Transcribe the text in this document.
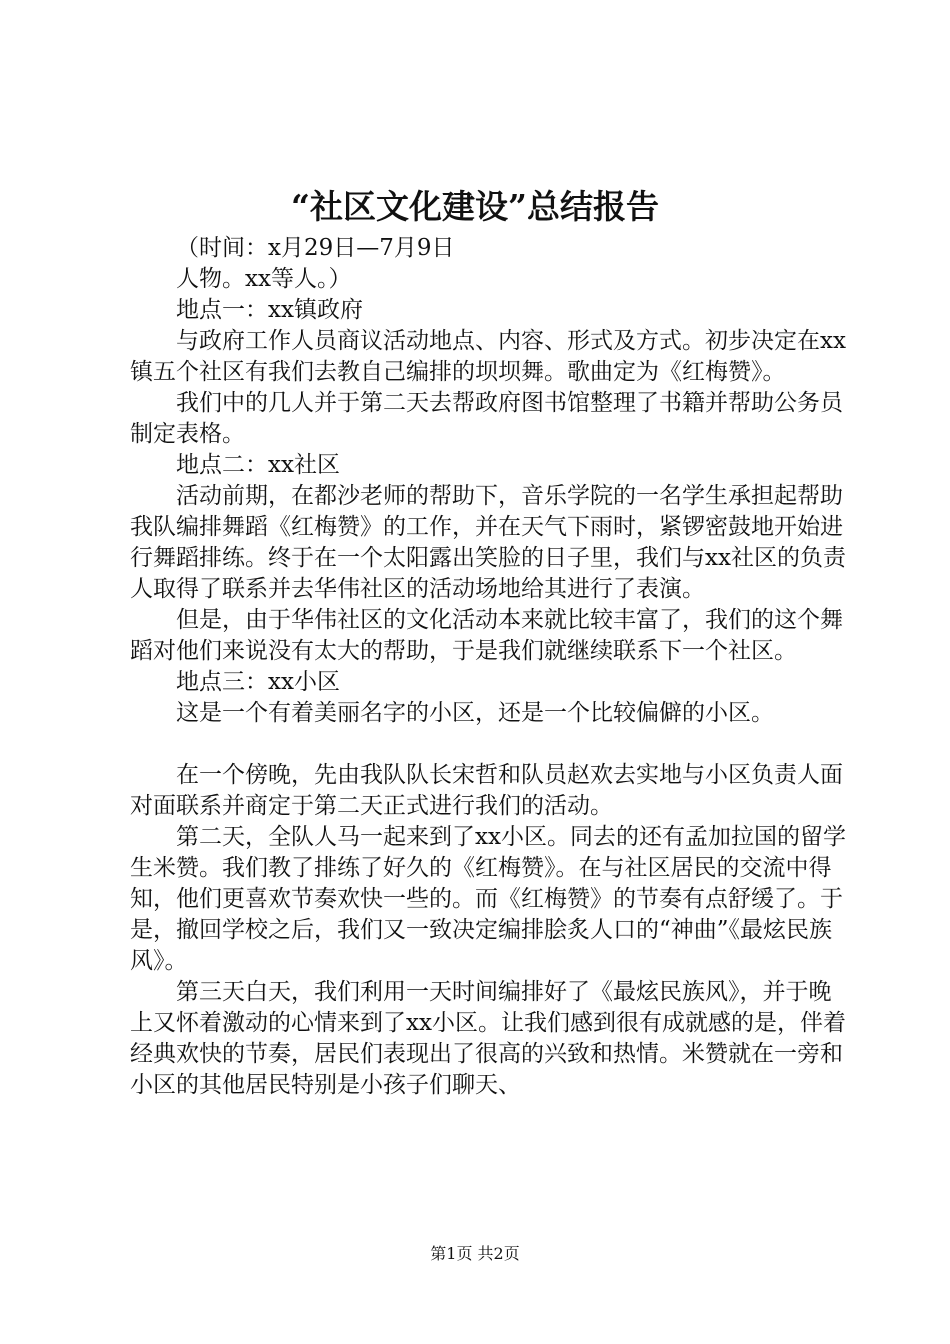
“社区文化建设”总结报告

（时间：x月29日—7月9日

人物。xx等人。）

地点一：xx镇政府

与政府工作人员商议活动地点、内容、形式及方式。初步决定在xx镇五个社区有我们去教自己编排的坝坝舞。歌曲定为《红梅赞》。

我们中的几人并于第二天去帮政府图书馆整理了书籍并帮助公务员制定表格。

地点二：xx社区

活动前期，在都沙老师的帮助下，音乐学院的一名学生承担起帮助我队编排舞蹈《红梅赞》的工作，并在天气下雨时，紧锣密鼓地开始进行舞蹈排练。终于在一个太阳露出笑脸的日子里，我们与xx社区的负责人取得了联系并去华伟社区的活动场地给其进行了表演。

但是，由于华伟社区的文化活动本来就比较丰富了，我们的这个舞蹈对他们来说没有太大的帮助，于是我们就继续联系下一个社区。

地点三：xx小区

这是一个有着美丽名字的小区，还是一个比较偏僻的小区。

在一个傍晚，先由我队队长宋哲和队员赵欢去实地与小区负责人面对面联系并商定于第二天正式进行我们的活动。

第二天，全队人马一起来到了xx小区。同去的还有孟加拉国的留学生米赞。我们教了排练了好久的《红梅赞》。在与社区居民的交流中得知，他们更喜欢节奏欢快一些的。而《红梅赞》的节奏有点舒缓了。于是，撤回学校之后，我们又一致决定编排脍炙人口的“神曲”《最炫民族风》。

第三天白天，我们利用一天时间编排好了《最炫民族风》，并于晚上又怀着激动的心情来到了xx小区。让我们感到很有成就感的是，伴着经典欢快的节奏，居民们表现出了很高的兴致和热情。米赞就在一旁和小区的其他居民特别是小孩子们聊天、

第1页 共2页
